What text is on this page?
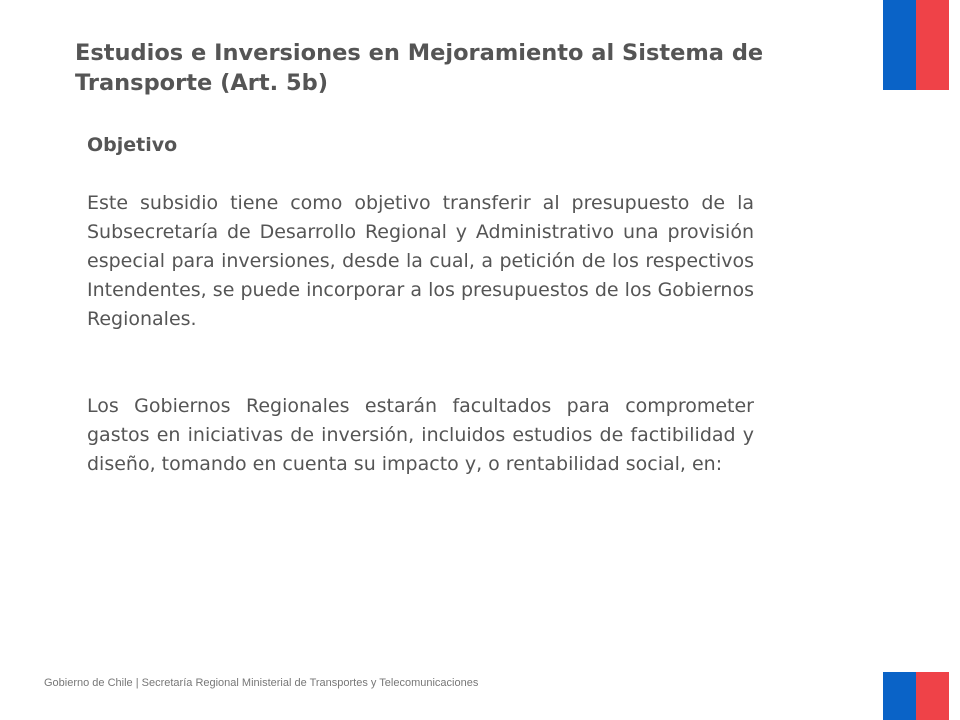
Estudios e Inversiones en Mejoramiento al Sistema de Transporte (Art. 5b)

Objetivo

Este subsidio tiene como objetivo transferir al presupuesto de la Subsecretaría de Desarrollo Regional y Administrativo una provisión especial para inversiones, desde la cual, a petición de los respectivos Intendentes, se puede incorporar a los presupuestos de los Gobiernos Regionales.

Los Gobiernos Regionales estarán facultados para comprometer gastos en iniciativas de inversión, incluidos estudios de factibilidad y diseño, tomando en cuenta su impacto y, o rentabilidad social, en:

Gobierno de Chile | Secretaría Regional Ministerial de Transportes y Telecomunicaciones
